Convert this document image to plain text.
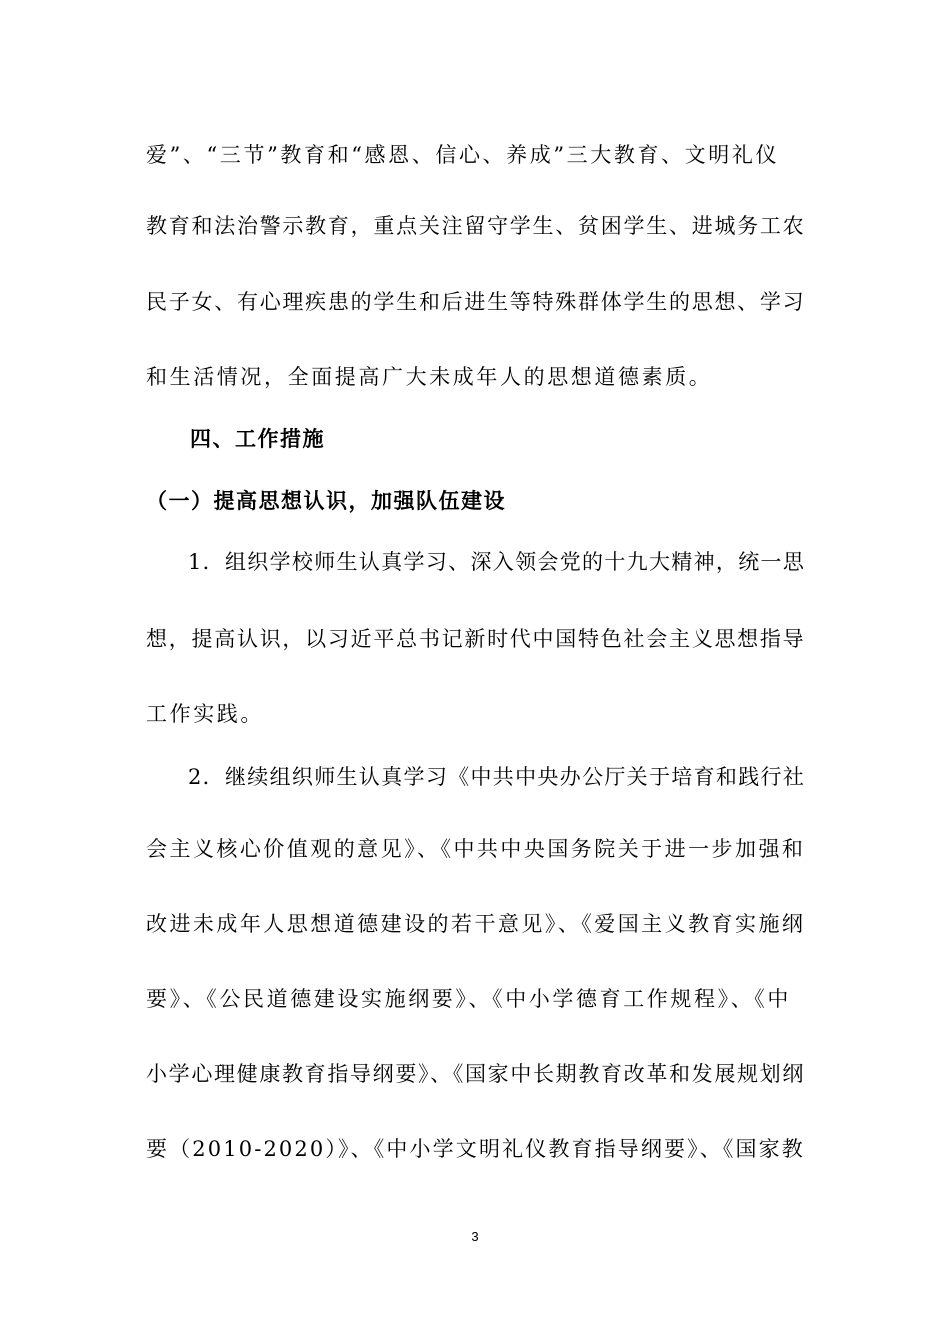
爱”、“三节”教育和“感恩、信心、养成”三大教育、文明礼仪
教育和法治警示教育，重点关注留守学生、贫困学生、进城务工农
民子女、有心理疾患的学生和后进生等特殊群体学生的思想、学习
和生活情况，全面提高广大未成年人的思想道德素质。
四、工作措施
（一）提高思想认识，加强队伍建设
1．组织学校师生认真学习、深入领会党的十九大精神，统一思
想，提高认识，以习近平总书记新时代中国特色社会主义思想指导
工作实践。
2．继续组织师生认真学习《中共中央办公厅关于培育和践行社
会主义核心价值观的意见》、《中共中央国务院关于进一步加强和
改进未成年人思想道德建设的若干意见》、《爱国主义教育实施纲
要》、《公民道德建设实施纲要》、《中小学德育工作规程》、《中
小学心理健康教育指导纲要》、《国家中长期教育改革和发展规划纲
要（2010-2020）》、《中小学文明礼仪教育指导纲要》、《国家教
3
